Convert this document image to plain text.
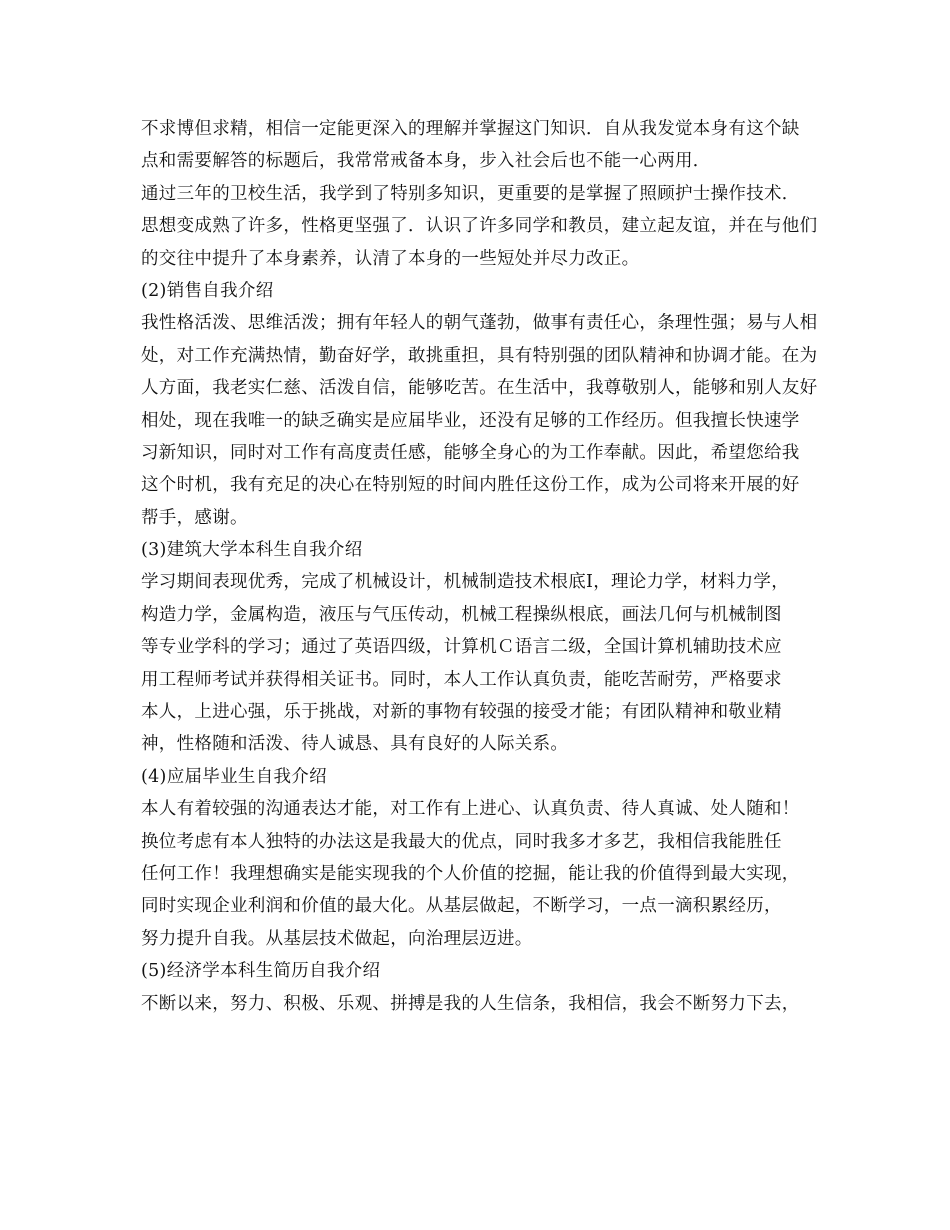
不求博但求精，相信一定能更深入的理解并掌握这门知识．自从我发觉本身有这个缺
点和需要解答的标题后，我常常戒备本身，步入社会后也不能一心两用．
通过三年的卫校生活，我学到了特别多知识，更重要的是掌握了照顾护士操作技术．
思想变成熟了许多，性格更坚强了．认识了许多同学和教员，建立起友谊，并在与他们
的交往中提升了本身素养，认清了本身的一些短处并尽力改正。
(2)销售自我介绍
我性格活泼、思维活泼；拥有年轻人的朝气蓬勃，做事有责任心，条理性强；易与人相
处，对工作充满热情，勤奋好学，敢挑重担，具有特别强的团队精神和协调才能。在为
人方面，我老实仁慈、活泼自信，能够吃苦。在生活中，我尊敬别人，能够和别人友好
相处，现在我唯一的缺乏确实是应届毕业，还没有足够的工作经历。但我擅长快速学
习新知识，同时对工作有高度责任感，能够全身心的为工作奉献。因此，希望您给我
这个时机，我有充足的决心在特别短的时间内胜任这份工作，成为公司将来开展的好
帮手，感谢。
(3)建筑大学本科生自我介绍
学习期间表现优秀，完成了机械设计，机械制造技术根底Ⅰ，理论力学，材料力学，
构造力学，金属构造，液压与气压传动，机械工程操纵根底，画法几何与机械制图
等专业学科的学习；通过了英语四级，计算机Ｃ语言二级，全国计算机辅助技术应
用工程师考试并获得相关证书。同时，本人工作认真负责，能吃苦耐劳，严格要求
本人，上进心强，乐于挑战，对新的事物有较强的接受才能；有团队精神和敬业精
神，性格随和活泼、待人诚恳、具有良好的人际关系。
(4)应届毕业生自我介绍
本人有着较强的沟通表达才能，对工作有上进心、认真负责、待人真诚、处人随和！
换位考虑有本人独特的办法这是我最大的优点，同时我多才多艺，我相信我能胜任
任何工作！我理想确实是能实现我的个人价值的挖掘，能让我的价值得到最大实现，
同时实现企业利润和价值的最大化。从基层做起，不断学习，一点一滴积累经历，
努力提升自我。从基层技术做起，向治理层迈进。
(5)经济学本科生简历自我介绍
不断以来，努力、积极、乐观、拼搏是我的人生信条，我相信，我会不断努力下去，
